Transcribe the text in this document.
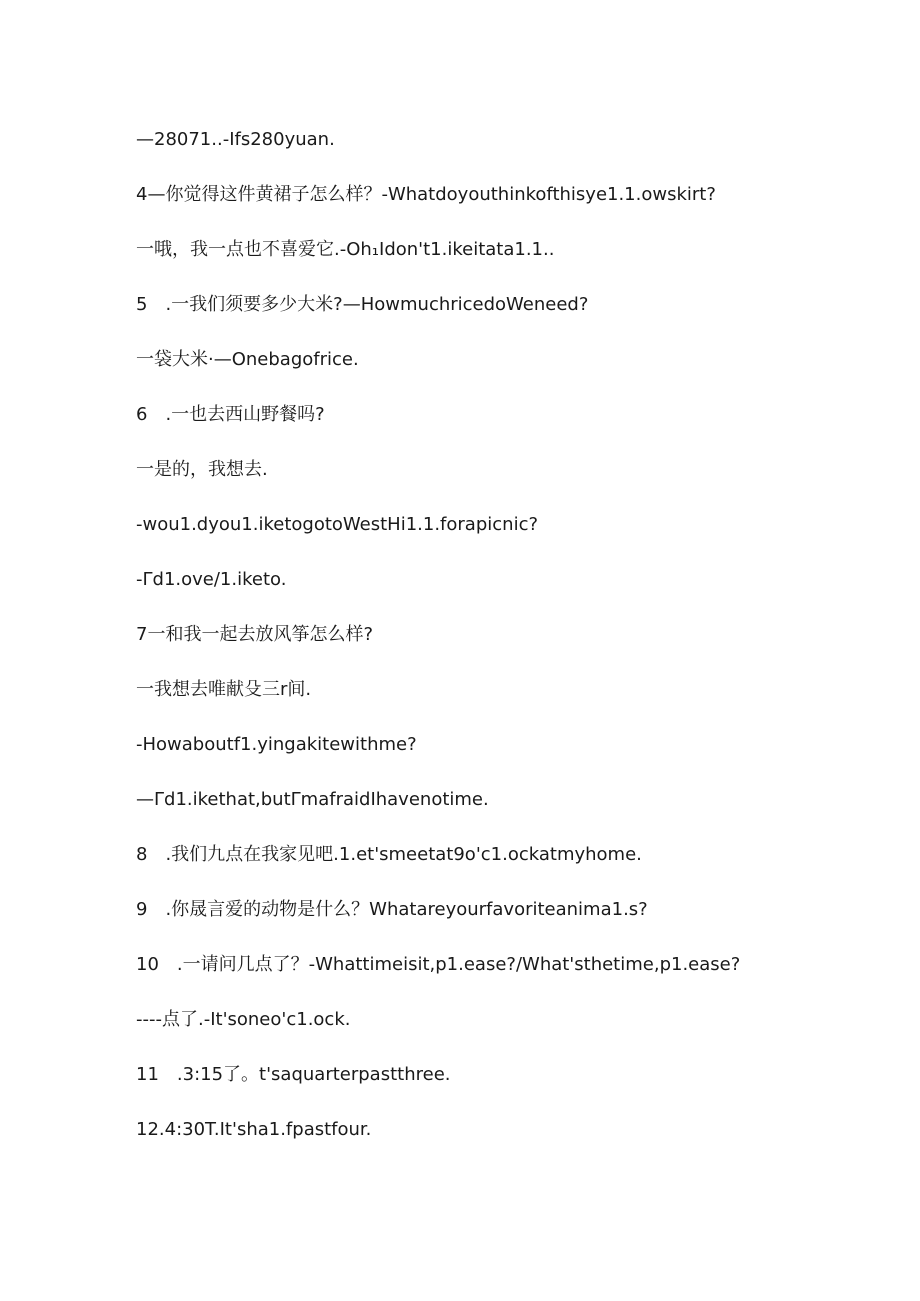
—28071..-Ifs280yuan.
4—你觉得这件黄裙子怎么样？-Whatdoyouthinkofthisye1.1.owskirt?
一哦，我一点也不喜爱它.-Oh₁Idon't1.ikeitata1.1..
5　.一我们须要多少大米?—HowmuchricedoWeneed?
一袋大米·—Onebagofrice.
6　.一也去西山野餐吗?
一是的，我想去.
-wou1.dyou1.iketogotoWestHi1.1.forapicnic?
-Γd1.ove/1.iketo.
7一和我一起去放风筝怎么样?
一我想去唯献殳三r间.
-Howaboutf1.yingakitewithme?
—Γd1.ikethat,butΓmafraidIhavenotime.
8　.我们九点在我家见吧.1.et'smeetat9o'c1.ockatmyhome.
9　.你晟言爱的动物是什么？Whatareyourfavoriteanima1.s?
10　.一请问几点了？-Whattimeisit,p1.ease?/What'sthetime,p1.ease?
----点了.-It'soneo'c1.ock.
11　.3:15了。t'saquarterpastthree.
12.4:30T.It'sha1.fpastfour.
